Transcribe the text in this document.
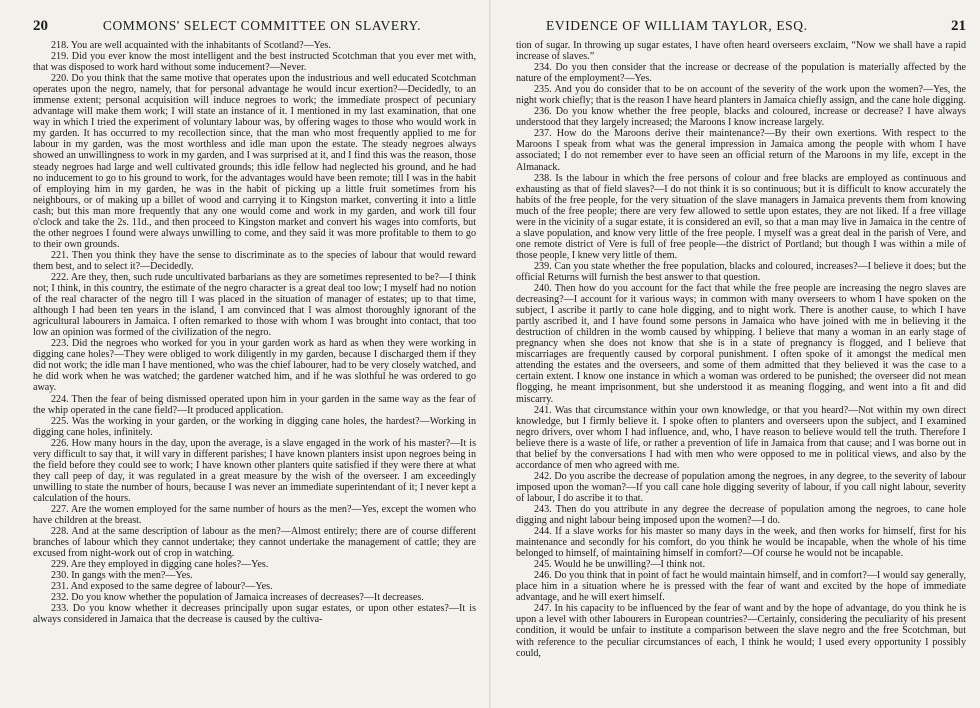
20	COMMONS' SELECT COMMITTEE ON SLAVERY.

218. You are well acquainted with the inhabitants of Scotland?—Yes.

219. Did you ever know the most intelligent and the best instructed Scotchman that you ever met with, that was disposed to work hard without some inducement?—Never.

220. Do you think that the same motive that operates upon the industrious and well educated Scotchman operates upon the negro, namely, that for personal advantage he would incur exertion?—Decidedly, to an immense extent; personal acquisition will induce negroes to work; the immediate prospect of pecuniary advantage will make them work; I will state an instance of it. I mentioned in my last examination, that one way in which I tried the experiment of voluntary labour was, by offering wages to those who would work in my garden. It has occurred to my recollection since, that the man who most frequently applied to me for labour in my garden, was the most worthless and idle man upon the estate. The steady negroes always showed an unwillingness to work in my garden, and I was surprised at it, and I find this was the reason, those steady negroes had large and well cultivated grounds; this idle fellow had neglected his ground, and he had no inducement to go to his ground to work, for the advantages would have been remote; till I was in the habit of employing him in my garden, he was in the habit of picking up a little fruit sometimes from his neighbours, or of making up a billet of wood and carrying it to Kingston market, converting it into a little cash; but this man more frequently that any one would come and work in my garden, and work till four o'clock and take the 2s. 11d., and then proceed to Kingston market and convert his wages into comforts, but the other negroes I found were always unwilling to come, and they said it was more profitable to them to go to their own grounds.

221. Then you think they have the sense to discriminate as to the species of labour that would reward them best, and to select it?—Decidedly.

222. Are they, then, such rude uncultivated barbarians as they are sometimes represented to be?—I think not; I think, in this country, the estimate of the negro character is a great deal too low; I myself had no notion of the real character of the negro till I was placed in the situation of manager of estates; up to that time, although I had been ten years in the island, I am convinced that I was almost thoroughly ignorant of the agricultural labourers in Jamaica. I often remarked to those with whom I was brought into contact, that too low an opinion was formed of the civilization of the negro.

223. Did the negroes who worked for you in your garden work as hard as when they were working in digging cane holes?—They were obliged to work diligently in my garden, because I discharged them if they did not work; the idle man I have mentioned, who was the chief labourer, had to be very closely watched, and he did work when he was watched; the gardener watched him, and if he was slothful he was ordered to go away.

224. Then the fear of being dismissed operated upon him in your garden in the same way as the fear of the whip operated in the cane field?—It produced application.

225. Was the working in your garden, or the working in digging cane holes, the hardest?—Working in digging cane holes, infinitely.

226. How many hours in the day, upon the average, is a slave engaged in the work of his master?—It is very difficult to say that, it will vary in different parishes; I have known planters insist upon negroes being in the field before they could see to work; I have known other planters quite satisfied if they were there at what they call peep of day, it was regulated in a great measure by the wish of the overseer. I am exceedingly unwilling to state the number of hours, because I was never an immediate superintendant of it; I never kept a calculation of the hours.

227. Are the women employed for the same number of hours as the men?—Yes, except the women who have children at the breast.

228. And at the same description of labour as the men?—Almost entirely; there are of course different branches of labour which they cannot undertake; they cannot undertake the management of cattle; they are excused from night-work out of crop in watching.

229. Are they employed in digging cane holes?—Yes.

230. In gangs with the men?—Yes.

231. And exposed to the same degree of labour?—Yes.

232. Do you know whether the population of Jamaica increases of decreases?—It decreases.

233. Do you know whether it decreases principally upon sugar estates, or upon other estates?—It is always considered in Jamaica that the decrease is caused by the cultiva-

EVIDENCE OF WILLIAM TAYLOR, ESQ.	21

tion of sugar. In throwing up sugar estates, I have often heard overseers exclaim, “Now we shall have a rapid increase of slaves.”

234. Do you then consider that the increase or decrease of the population is materially affected by the nature of the employment?—Yes.

235. And you do consider that to be on account of the severity of the work upon the women?—Yes, the night work chiefly; that is the reason I have heard planters in Jamaica chiefly assign, and the cane hole digging.

236. Do you know whether the free people, blacks and coloured, increase or decrease? I have always understood that they largely increased; the Maroons I know increase largely.

237. How do the Maroons derive their maintenance?—By their own exertions. With respect to the Maroons I speak from what was the general impression in Jamaica among the people with whom I have associated; I do not remember ever to have seen an official return of the Maroons in my life, except in the Almanack.

238. Is the labour in which the free persons of colour and free blacks are employed as continuous and exhausting as that of field slaves?—I do not think it is so continuous; but it is difficult to know accurately the habits of the free people, for the very situation of the slave managers in Jamaica prevents them from knowing much of the free people; there are very few allowed to settle upon estates, they are not liked. If a free village were in the vicinity of a sugar estate, it is considered an evil, so that a man may live in Jamaica in the centre of a slave population, and know very little of the free people. I myself was a great deal in the parish of Vere, and one remote district of Vere is full of free people—the district of Portland; but though I was within a mile of those people, I knew very little of them.

239. Can you state whether the free population, blacks and coloured, increases?—I believe it does; but the official Returns will furnish the best answer to that question.

240. Then how do you account for the fact that while the free people are increasing the negro slaves are decreasing?—I account for it various ways; in common with many overseers to whom I have spoken on the subject, I ascribe it partly to cane hole digging, and to night work. There is another cause, to which I have partly ascribed it, and I have found some persons in Jamaica who have joined with me in believing it the destruction of children in the womb caused by whipping. I believe that many a woman in an early stage of pregnancy when she does not know that she is in a state of pregnancy is flogged, and I believe that miscarriages are frequently caused by corporal punishment. I often spoke of it amongst the medical men attending the estates and the overseers, and some of them admitted that they believed it was the case to a certain extent. I know one instance in which a woman was ordered to be punished; the overseer did not mean flogging, he meant imprisonment, but she understood it as meaning flogging, and went into a fit and did miscarry.

241. Was that circumstance within your own knowledge, or that you heard?—Not within my own direct knowledge, but I firmly believe it. I spoke often to planters and overseers upon the subject, and I examined negro drivers, over whom I had influence, and, who, I have reason to believe would tell the truth. Therefore I believe there is a waste of life, or rather a prevention of life in Jamaica from that cause; and I was borne out in that belief by the conversations I had with men who were opposed to me in political views, and also by the accordance of men who agreed with me.

242. Do you ascribe the decrease of population among the negroes, in any degree, to the severity of labour imposed upon the woman?—If you call cane hole digging severity of labour, if you call night labour, severity of labour, I do ascribe it to that.

243. Then do you attribute in any degree the decrease of population among the negroes, to cane hole digging and night labour being imposed upon the women?—I do.

244. If a slave works for his master so many days in the week, and then works for himself, first for his maintenance and secondly for his comfort, do you think he would be incapable, when the whole of his time belonged to himself, of maintaining himself in comfort?—Of course he would not be incapable.

245. Would he be unwilling?—I think not.

246. Do you think that in point of fact he would maintain himself, and in comfort?—I would say generally, place him in a situation where he is pressed with the fear of want and excited by the hope of immediate advantage, and he will exert himself.

247. In his capacity to be influenced by the fear of want and by the hope of advantage, do you think he is upon a level with other labourers in European countries?—Certainly, considering the peculiarity of his present condition, it would be unfair to institute a comparison between the slave negro and the free Scotchman, but with reference to the peculiar circumstances of each, I think he would; I used every opportunity I possibly could,
